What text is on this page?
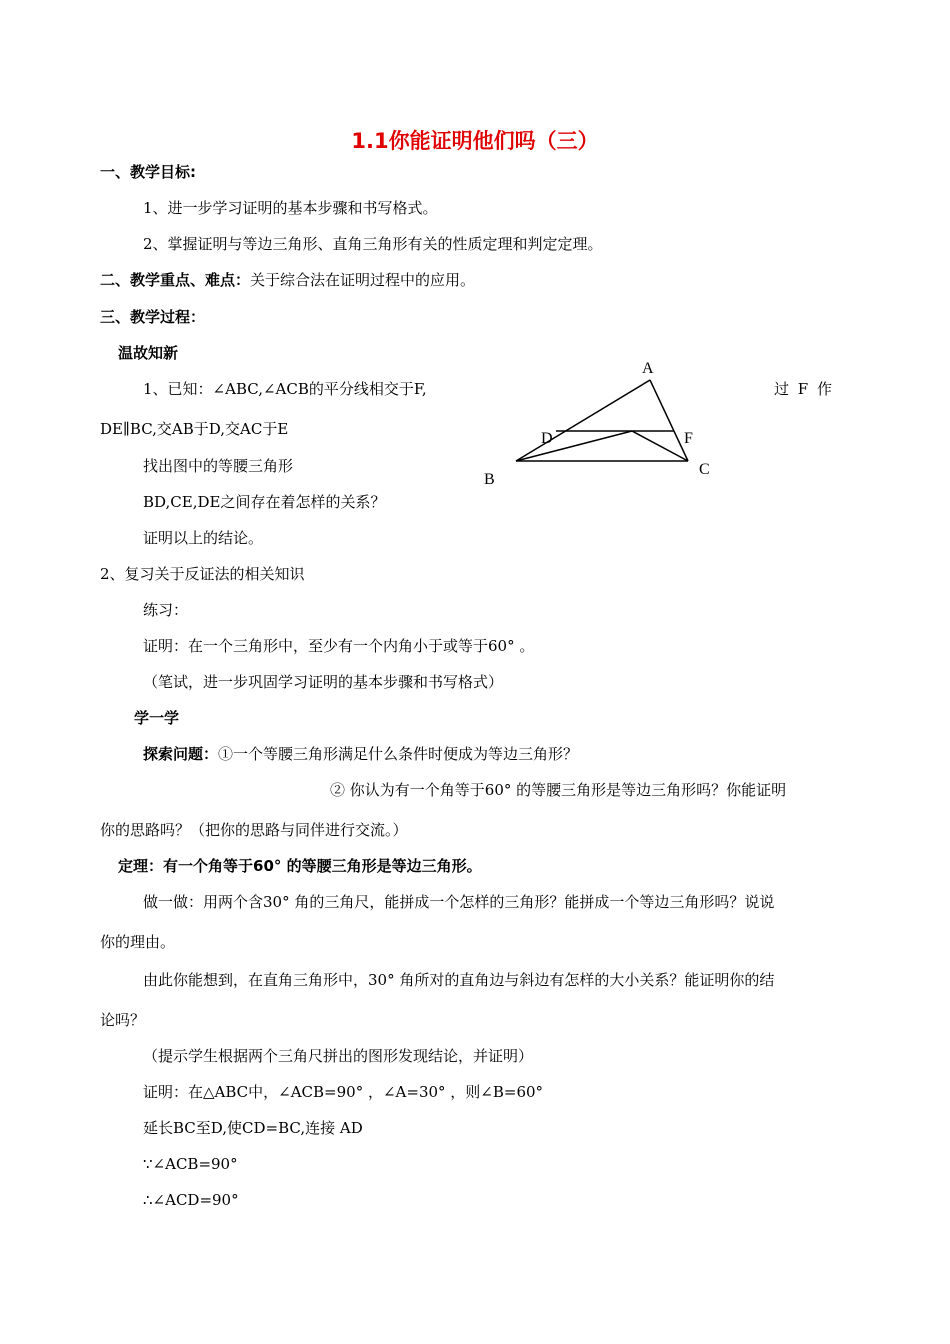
1.1你能证明他们吗（三）
一、教学目标:
1、进一步学习证明的基本步骤和书写格式。
2、掌握证明与等边三角形、直角三角形有关的性质定理和判定定理。
二、教学重点、难点：关于综合法在证明过程中的应用。
三、教学过程：
温故知新
1、已知：∠ABC,∠ACB的平分线相交于F,	过 F 作
DE∥BC,交AB于D,交AC于E
找出图中的等腰三角形
BD,CE,DE之间存在着怎样的关系？
证明以上的结论。
A
D	F
C
B
2、复习关于反证法的相关知识
练习：
证明：在一个三角形中，至少有一个内角小于或等于60° 。
（笔试，进一步巩固学习证明的基本步骤和书写格式）
学一学
探索问题：①一个等腰三角形满足什么条件时便成为等边三角形？
② 你认为有一个角等于60° 的等腰三角形是等边三角形吗？你能证明
你的思路吗？（把你的思路与同伴进行交流。）
定理：有一个角等于60° 的等腰三角形是等边三角形。
做一做：用两个含30° 角的三角尺，能拼成一个怎样的三角形？能拼成一个等边三角形吗？说说
你的理由。
由此你能想到，在直角三角形中，30° 角所对的直角边与斜边有怎样的大小关系？能证明你的结
论吗？
（提示学生根据两个三角尺拼出的图形发现结论，并证明）
证明：在△ABC中，∠ACB=90° ，∠A=30° ，则∠B=60°
延长BC至D,使CD=BC,连接 AD
∵∠ACB=90°
∴∠ACD=90°
